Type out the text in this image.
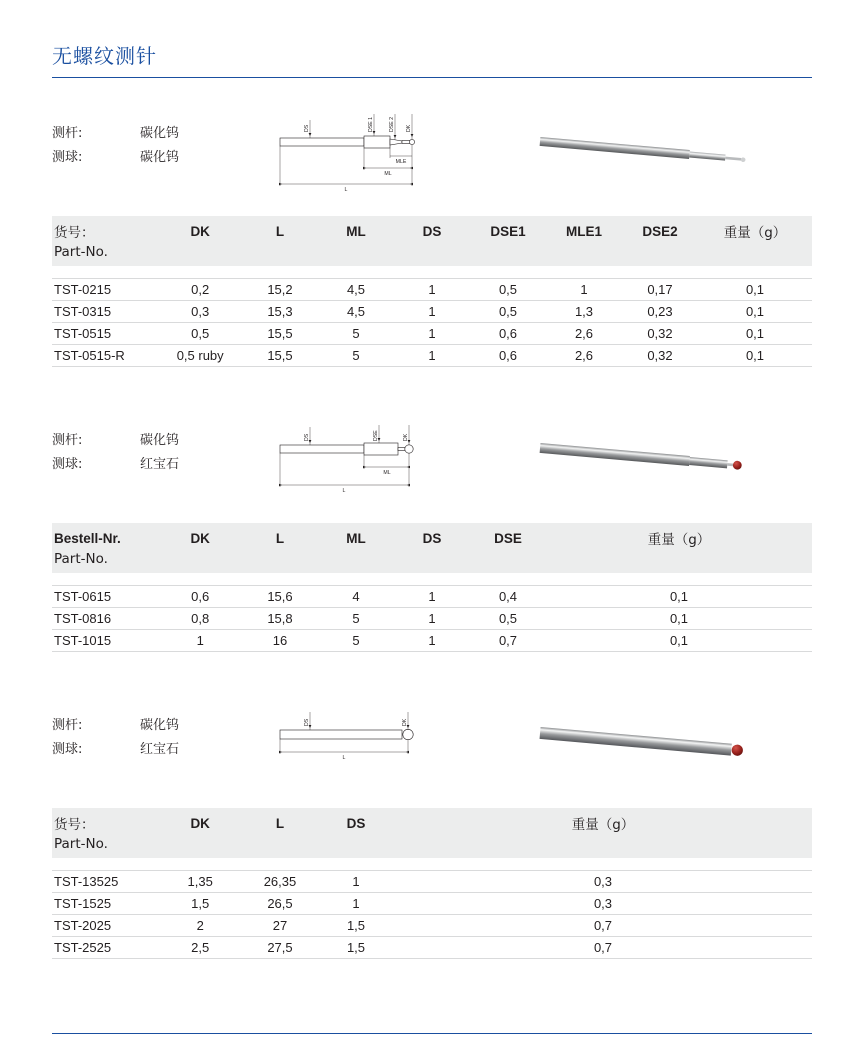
无螺纹测针
测杆:	碳化钨
测球:	碳化钨
DS	DSE 1	DSE 2 DK
MLE
ML
L
货号：	DK	L	ML	DS	DSE1	MLE1	DSE2	重量（g）

Part-No.								

TST-0215	0,2	15,2	4,5	1	0,5	1	0,17	0,1
TST-0315	0,3	15,3	4,5	1	0,5	1,3	0,23	0,1
TST-0515	0,5	15,5	5	1	0,6	2,6	0,32	0,1
TST-0515-R	0,5 ruby	15,5	5	1	0,6	2,6	0,32	0,1
测杆:	碳化钨
测球:	红宝石
DS	DSE	DK
ML
L
Bestell-Nr.	DK	L	ML	DS	DSE	重量（g）

Part-No.						

TST-0615	0,6	15,6	4	1	0,4	0,1
TST-0816	0,8	15,8	5	1	0,5	0,1
TST-1015	1	16	5	1	0,7	0,1
测杆:	碳化钨
测球:	红宝石
DS	DK
L
货号：	DK	L	DS	重量（g）

Part-No.				

TST-13525	1,35	26,35	1	0,3
TST-1525	1,5	26,5	1	0,3
TST-2025	2	27	1,5	0,7
TST-2525	2,5	27,5	1,5	0,7
